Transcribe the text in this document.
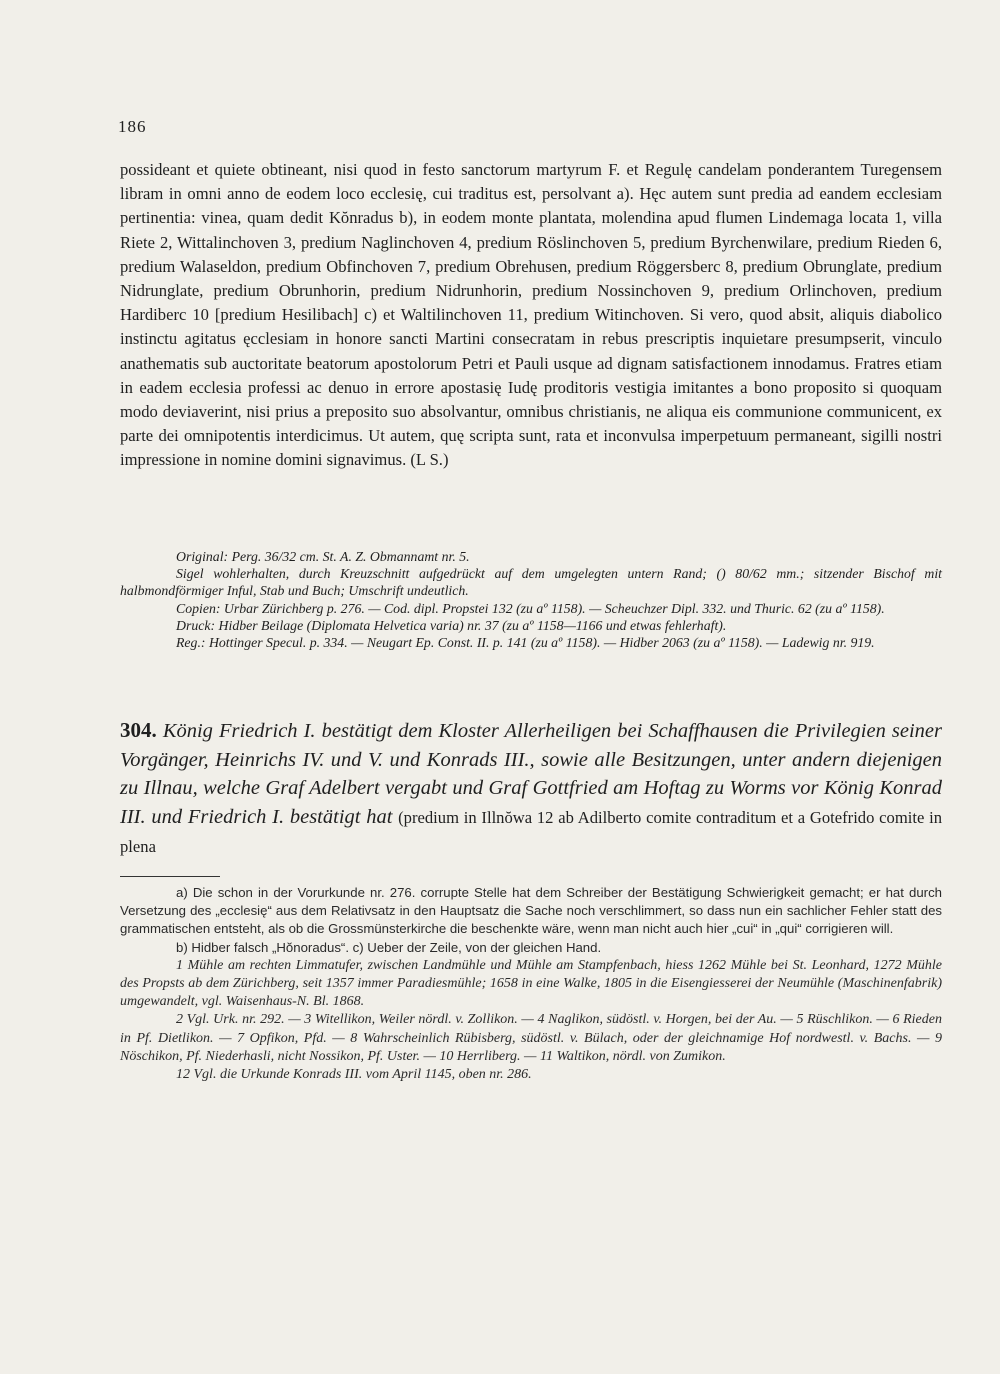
186

possideant et quiete obtineant, nisi quod in festo sanctorum martyrum F. et Regulę candelam ponderantem Turegensem libram in omni anno de eodem loco ecclesię, cui traditus est, persolvant a). Hęc autem sunt predia ad eandem ecclesiam pertinentia: vinea, quam dedit Kŏnradus b), in eodem monte plantata, molendina apud flumen Lindemaga locata 1, villa Riete 2, Wittalinchoven 3, predium Naglinchoven 4, predium Röslinchoven 5, predium Byrchenwilare, predium Rieden 6, predium Walaseldon, predium Obfinchoven 7, predium Obrehusen, predium Röggersberc 8, predium Obrunglate, predium Nidrunglate, predium Obrunhorin, predium Nidrunhorin, predium Nossinchoven 9, predium Orlinchoven, predium Hardiberc 10 [predium Hesilibach] c) et Waltilinchoven 11, predium Witinchoven. Si vero, quod absit, aliquis diabolico instinctu agitatus ęcclesiam in honore sancti Martini consecratam in rebus prescriptis inquietare presumpserit, vinculo anathematis sub auctoritate beatorum apostolorum Petri et Pauli usque ad dignam satisfactionem innodamus. Fratres etiam in eadem ecclesia professi ac denuo in errore apostasię Iudę proditoris vestigia imitantes a bono proposito si quoquam modo deviaverint, nisi prius a preposito suo absolvantur, omnibus christianis, ne aliqua eis communione communicent, ex parte dei omnipotentis interdicimus. Ut autem, quę scripta sunt, rata et inconvulsa imperpetuum permaneant, sigilli nostri impressione in nomine domini signavimus. (L S.)

Original: Perg. 36/32 cm. St. A. Z. Obmannamt nr. 5.

Sigel wohlerhalten, durch Kreuzschnitt aufgedrückt auf dem umgelegten untern Rand; () 80/62 mm.; sitzender Bischof mit halbmondförmiger Inful, Stab und Buch; Umschrift undeutlich.

Copien: Urbar Zürichberg p. 276. — Cod. dipl. Propstei 132 (zu aº 1158). — Scheuchzer Dipl. 332. und Thuric. 62 (zu aº 1158).

Druck: Hidber Beilage (Diplomata Helvetica varia) nr. 37 (zu aº 1158—1166 und etwas fehlerhaft).

Reg.: Hottinger Specul. p. 334. — Neugart Ep. Const. II. p. 141 (zu aº 1158). — Hidber 2063 (zu aº 1158). — Ladewig nr. 919.

304. König Friedrich I. bestätigt dem Kloster Allerheiligen bei Schaffhausen die Privilegien seiner Vorgänger, Heinrichs IV. und V. und Konrads III., sowie alle Besitzungen, unter andern diejenigen zu Illnau, welche Graf Adelbert vergabt und Graf Gottfried am Hoftag zu Worms vor König Konrad III. und Friedrich I. bestätigt hat (predium in Illnŏwa 12 ab Adilberto comite contraditum et a Gotefrido comite in plena

a) Die schon in der Vorurkunde nr. 276. corrupte Stelle hat dem Schreiber der Bestätigung Schwierigkeit gemacht; er hat durch Versetzung des „ecclesię“ aus dem Relativsatz in den Hauptsatz die Sache noch verschlimmert, so dass nun ein sachlicher Fehler statt des grammatischen entsteht, als ob die Grossmünsterkirche die beschenkte wäre, wenn man nicht auch hier „cui“ in „qui“ corrigieren will.

b) Hidber falsch „Hŏnoradus“. c) Ueber der Zeile, von der gleichen Hand.

1 Mühle am rechten Limmatufer, zwischen Landmühle und Mühle am Stampfenbach, hiess 1262 Mühle bei St. Leonhard, 1272 Mühle des Propsts ab dem Zürichberg, seit 1357 immer Paradiesmühle; 1658 in eine Walke, 1805 in die Eisengiesserei der Neumühle (Maschinenfabrik) umgewandelt, vgl. Waisenhaus-N. Bl. 1868.

2 Vgl. Urk. nr. 292. — 3 Witellikon, Weiler nördl. v. Zollikon. — 4 Naglikon, südöstl. v. Horgen, bei der Au. — 5 Rüschlikon. — 6 Rieden in Pf. Dietlikon. — 7 Opfikon, Pfd. — 8 Wahrscheinlich Rübisberg, südöstl. v. Bülach, oder der gleichnamige Hof nordwestl. v. Bachs. — 9 Nöschikon, Pf. Niederhasli, nicht Nossikon, Pf. Uster. — 10 Herrliberg. — 11 Waltikon, nördl. von Zumikon.

12 Vgl. die Urkunde Konrads III. vom April 1145, oben nr. 286.
